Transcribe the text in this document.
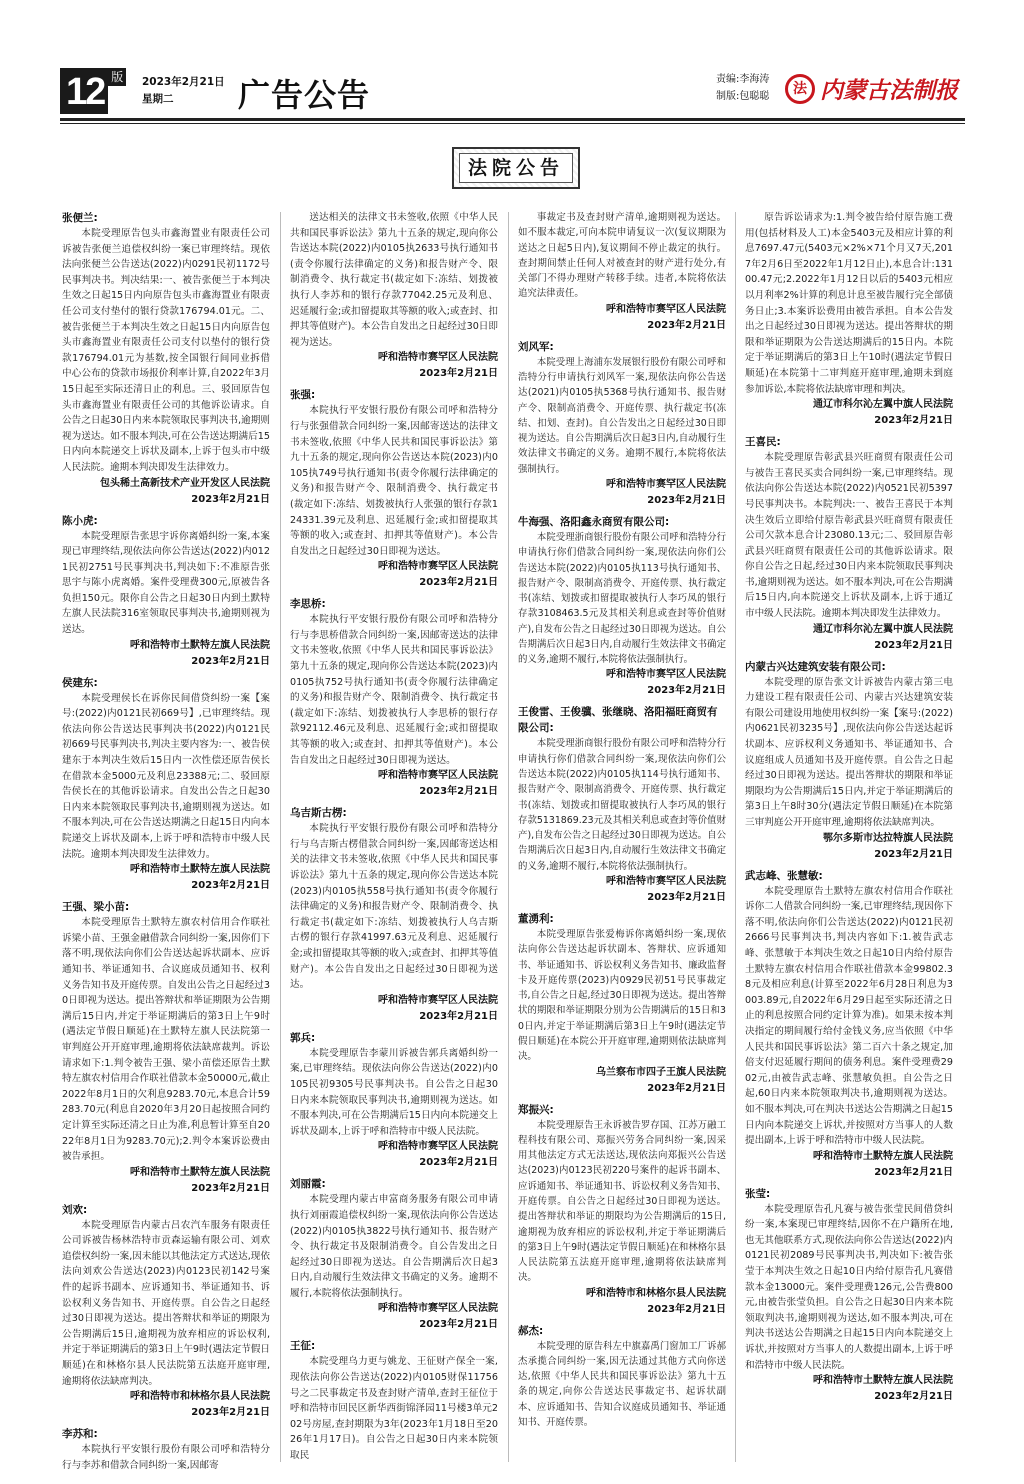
12 版 2023年2月21日
星期二	广告公告	责编:李海涛
制版:包聪聪	法 内蒙古法制报
法院公告
张便兰:
本院受理原告包头市鑫海置业有限责任公司诉被告张便兰追偿权纠纷一案已审理终结。现依法向张便兰公告送达(2022)内0291民初1172号民事判决书。判决结果:一、被告张便兰于本判决生效之日起15日内向原告包头市鑫海置业有限责任公司支付垫付的银行贷款176794.01元。二、被告张便兰于本判决生效之日起15日内向原告包头市鑫海置业有限责任公司支付以垫付的银行贷款176794.01元为基数,按全国银行间同业拆借中心公布的贷款市场报价利率计算,自2022年3月15日起至实际还清日止的利息。三、驳回原告包头市鑫海置业有限责任公司的其他诉讼请求。自公告之日起30日内来本院领取民事判决书,逾期则视为送达。如不服本判决,可在公告送达期满后15日内向本院递交上诉状及副本,上诉于包头市中级人民法院。逾期本判决即发生法律效力。
包头稀土高新技术产业开发区人民法院
2023年2月21日
陈小虎:
本院受理原告张思宇诉你离婚纠纷一案,本案现已审理终结,现依法向你公告送达(2022)内0121民初2751号民事判决书,判决如下:不准原告张思宇与陈小虎离婚。案件受理费300元,原被告各负担150元。限你自公告之日起30日内到土默特左旗人民法院316室领取民事判决书,逾期则视为送达。
呼和浩特市土默特左旗人民法院
2023年2月21日
侯建东:
本院受理侯长在诉你民间借贷纠纷一案【案号:(2022)内0121民初669号】,已审理终结。现依法向你公告送达民事判决书(2022)内0121民初669号民事判决书,判决主要内容为:一、被告侯建东于本判决生效后15日内一次性偿还原告侯长在借款本金5000元及利息23388元;二、驳回原告侯长在的其他诉讼请求。自发出公告之日起30日内来本院领取民事判决书,逾期则视为送达。如不服本判决,可在公告送达期满之日起15日内向本院递交上诉状及副本,上诉于呼和浩特市中级人民法院。逾期本判决即发生法律效力。
呼和浩特市土默特左旗人民法院
2023年2月21日
王强、梁小苗:
本院受理原告土默特左旗农村信用合作联社诉梁小苗、王强金融借款合同纠纷一案,因你们下落不明,现依法向你们公告送达起诉状副本、应诉通知书、举证通知书、合议庭成员通知书、权利义务告知书及开庭传票。自发出公告之日起经过30日即视为送达。提出答辩状和举证期限为公告期满后15日内,并定于举证期满后的第3日上午9时(遇法定节假日顺延)在土默特左旗人民法院第一审判庭公开开庭审理,逾期将依法缺席裁判。诉讼请求如下:1.判令被告王强、梁小苗偿还原告土默特左旗农村信用合作联社借款本金50000元,截止2022年8月1日的欠利息9283.70元,本息合计59283.70元(利息自2020年3月20日起按照合同约定计算至实际还清之日止为准,利息暂计算至自2022年8月1日为9283.70元);2.判令本案诉讼费由被告承担。
呼和浩特市土默特左旗人民法院
2023年2月21日
刘欢:
本院受理原告内蒙古吕农汽车服务有限责任公司诉被告杨林浩特市贡森运输有限公司、刘欢追偿权纠纷一案,因未能以其他法定方式送达,现依法向刘欢公告送达(2023)内0123民初142号案件的起诉书副本、应诉通知书、举证通知书、诉讼权利义务告知书、开庭传票。自公告之日起经过30日即视为送达。提出答辩状和举证的期限为公告期满后15日,逾期视为放弃相应的诉讼权利,并定于举证期满后的第3日上午9时(遇法定节假日顺延)在和林格尔县人民法院第五法庭开庭审理,逾期将依法缺席判决。
呼和浩特市和林格尔县人民法院
2023年2月21日
李苏和:
本院执行平安银行股份有限公司呼和浩特分行与李苏和借款合同纠纷一案,因邮寄
送达相关的法律文书未签收,依照《中华人民共和国民事诉讼法》第九十五条的规定,现向你公告送达本院(2022)内0105执2633号执行通知书(责令你履行法律确定的义务)和报告财产令、限制消费令、执行裁定书(裁定如下:冻结、划拨被执行人李苏和的银行存款77042.25元及利息、迟延履行金;或扣留提取其等额的收入;或查封、扣押其等值财产)。本公告自发出之日起经过30日即视为送达。
呼和浩特市赛罕区人民法院
2023年2月21日
张强:
本院执行平安银行股份有限公司呼和浩特分行与张强借款合同纠纷一案,因邮寄送达的法律文书未签收,依照《中华人民共和国民事诉讼法》第九十五条的规定,现向你公告送达本院(2023)内0105执749号执行通知书(责令你履行法律确定的义务)和报告财产令、限制消费令、执行裁定书(裁定如下:冻结、划拨被执行人张强的银行存款124331.39元及利息、迟延履行金;或扣留提取其等额的收入;或查封、扣押其等值财产)。本公告自发出之日起经过30日即视为送达。
呼和浩特市赛罕区人民法院
2023年2月21日
李思桥:
本院执行平安银行股份有限公司呼和浩特分行与李思桥借款合同纠纷一案,因邮寄送达的法律文书未签收,依照《中华人民共和国民事诉讼法》第九十五条的规定,现向你公告送达本院(2023)内0105执752号执行通知书(责令你履行法律确定的义务)和报告财产令、限制消费令、执行裁定书(裁定如下:冻结、划拨被执行人李思桥的银行存款92112.46元及利息、迟延履行金;或扣留提取其等额的收入;或查封、扣押其等值财产)。本公告自发出之日起经过30日即视为送达。
呼和浩特市赛罕区人民法院
2023年2月21日
乌吉斯古楞:
本院执行平安银行股份有限公司呼和浩特分行与乌吉斯古楞借款合同纠纷一案,因邮寄送达相关的法律文书未签收,依照《中华人民共和国民事诉讼法》第九十五条的规定,现向你公告送达本院(2023)内0105执558号执行通知书(责令你履行法律确定的义务)和报告财产令、限制消费令、执行裁定书(裁定如下:冻结、划拨被执行人乌吉斯古楞的银行存款41997.63元及利息、迟延履行金;或扣留提取其等额的收入;或查封、扣押其等值财产)。本公告自发出之日起经过30日即视为送达。
呼和浩特市赛罕区人民法院
2023年2月21日
郭兵:
本院受理原告李蒙川诉被告郭兵离婚纠纷一案,已审理终结。现依法向你公告送达(2022)内0105民初9305号民事判决书。自公告之日起30日内来本院领取民事判决书,逾期则视为送达。如不服本判决,可在公告期满后15日内向本院递交上诉状及副本,上诉于呼和浩特市中级人民法院。
呼和浩特市赛罕区人民法院
2023年2月21日
刘丽霞:
本院受理内蒙古申富商务服务有限公司申请执行刘丽霞追偿权纠纷一案,现依法向你公告送达(2022)内0105执3822号执行通知书、报告财产令、执行裁定书及限制消费令。自公告发出之日起经过30日即视为送达。自公告期满后次日起3日内,自动履行生效法律文书确定的义务。逾期不履行,本院将依法强制执行。
呼和浩特市赛罕区人民法院
2023年2月21日
王征:
本院受理乌力更与姚龙、王征财产保全一案,现依法向你公告送达(2022)内0105财保11756号之二民事裁定书及查封财产清单,查封王征位于呼和浩特市回民区新华西街锦泽园11号楼3单元202号房屋,查封期限为3年(2023年1月18日至2026年1月17日)。自公告之日起30日内来本院领取民
事裁定书及查封财产清单,逾期则视为送达。如不服本裁定,可向本院申请复议一次(复议期限为送达之日起5日内),复议期间不停止裁定的执行。查封期间禁止任何人对被查封的财产进行处分,有关部门不得办理财产转移手续。违者,本院将依法追究法律责任。
呼和浩特市赛罕区人民法院
2023年2月21日
刘风军:
本院受理上海浦东发展银行股份有限公司呼和浩特分行申请执行刘风军一案,现依法向你公告送达(2021)内0105执5368号执行通知书、报告财产令、限制高消费令、开庭传票、执行裁定书(冻结、扣划、查封)。自公告发出之日起经过30日即视为送达。自公告期满后次日起3日内,自动履行生效法律文书确定的义务。逾期不履行,本院将依法强制执行。
呼和浩特市赛罕区人民法院
2023年2月21日
牛海强、洛阳鑫永商贸有限公司:
本院受理浙商银行股份有限公司呼和浩特分行申请执行你们借款合同纠纷一案,现依法向你们公告送达本院(2022)内0105执113号执行通知书、报告财产令、限制高消费令、开庭传票、执行裁定书(冻结、划拨或扣留提取被执行人李巧凤的银行存款3108463.5元及其相关利息或查封等价值财产),自发布公告之日起经过30日即视为送达。自公告期满后次日起3日内,自动履行生效法律文书确定的义务,逾期不履行,本院将依法强制执行。
呼和浩特市赛罕区人民法院
2023年2月21日
王俊雷、王俊骥、张继晓、洛阳福旺商贸有限公司:
本院受理浙商银行股份有限公司呼和浩特分行申请执行你们借款合同纠纷一案,现依法向你们公告送达本院(2022)内0105执114号执行通知书、报告财产令、限制高消费令、开庭传票、执行裁定书(冻结、划拨或扣留提取被执行人李巧凤的银行存款5131869.23元及其相关利息或查封等价值财产),自发布公告之日起经过30日即视为送达。自公告期满后次日起3日内,自动履行生效法律文书确定的义务,逾期不履行,本院将依法强制执行。
呼和浩特市赛罕区人民法院
2023年2月21日
董湧利:
本院受理原告张爱梅诉你离婚纠纷一案,现依法向你公告送达起诉状副本、答辩状、应诉通知书、举证通知书、诉讼权利义务告知书、廉政监督卡及开庭传票(2023)内0929民初51号民事裁定书,自公告之日起,经过30日即视为送达。提出答辩状的期限和举证期限分别为公告期满后的15日和30日内,并定于举证期满后第3日上午9时(遇法定节假日顺延)在本院公开开庭审理,逾期则依法缺席判决。
乌兰察布市四子王旗人民法院
2023年2月21日
郑振兴:
本院受理原告王永诉被告罗存国、江苏万融工程科技有限公司、郑振兴劳务合同纠纷一案,因采用其他法定方式无法送达,现依法向郑振兴公告送达(2023)内0123民初220号案件的起诉书副本、应诉通知书、举证通知书、诉讼权利义务告知书、开庭传票。自公告之日起经过30日即视为送达。提出答辩状和举证的期限均为公告期满后的15日,逾期视为放弃相应的诉讼权利,并定于举证期满后的第3日上午9时(遇法定节假日顺延)在和林格尔县人民法院第五法庭开庭审理,逾期将依法缺席判决。
呼和浩特市和林格尔县人民法院
2023年2月21日
郝杰:
本院受理的原告科左中旗嘉禹门窗加工厂诉郝杰承揽合同纠纷一案,因无法通过其他方式向你送达,依照《中华人民共和国民事诉讼法》第九十五条的规定,向你公告送达民事裁定书、起诉状副本、应诉通知书、告知合议庭成员通知书、举证通知书、开庭传票。
原告诉讼请求为:1.判令被告给付原告施工费用(包括材料及人工)本金5403元及相应计算的利息7697.47元(5403元×2%×71个月又7天,2017年2月6日至2022年1月12日止),本息合计:13100.47元;2.2022年1月12日以后的5403元相应以月利率2%计算的利息计息至被告履行完全部债务日止;3.本案诉讼费用由被告承担。自本公告发出之日起经过30日即视为送达。提出答辩状的期限和举证期限为公告送达期满后的15日内。本院定于举证期满后的第3日上午10时(遇法定节假日顺延)在本院第十二审判庭开庭审理,逾期未到庭参加诉讼,本院将依法缺席审理和判决。
通辽市科尔沁左翼中旗人民法院
2023年2月21日
王喜民:
本院受理原告彰武县兴旺商贸有限责任公司与被告王喜民买卖合同纠纷一案,已审理终结。现依法向你公告送达本院(2022)内0521民初5397号民事判决书。本院判决:一、被告王喜民于本判决生效后立即给付原告彰武县兴旺商贸有限责任公司欠款本息合计23080.13元;二、驳回原告彰武县兴旺商贸有限责任公司的其他诉讼请求。限你自公告之日起,经过30日内来本院领取民事判决书,逾期则视为送达。如不服本判决,可在公告期满后15日内,向本院递交上诉状及副本,上诉于通辽市中级人民法院。逾期本判决即发生法律效力。
通辽市科尔沁左翼中旗人民法院
2023年2月21日
内蒙古兴达建筑安装有限公司:
本院受理的原告张文计诉被告内蒙古第三电力建设工程有限责任公司、内蒙古兴达建筑安装有限公司建设用地使用权纠纷一案【案号:(2022)内0621民初3235号】,现依法向你公告送达起诉状副本、应诉权利义务通知书、举证通知书、合议庭组成人员通知书及开庭传票。自公告之日起经过30日即视为送达。提出答辩状的期限和举证期限均为公告期满后15日内,并定于举证期满后的第3日上午8时30分(遇法定节假日顺延)在本院第三审判庭公开开庭审理,逾期将依法缺席判决。
鄂尔多斯市达拉特旗人民法院
2023年2月21日
武志峰、张慧敏:
本院受理原告土默特左旗农村信用合作联社诉你二人借款合同纠纷一案,已审理终结,现因你下落不明,依法向你们公告送达(2022)内0121民初2666号民事判决书,判决内容如下:1.被告武志峰、张慧敏于本判决生效之日起10日内给付原告土默特左旗农村信用合作联社借款本金99802.38元及相应利息(计算至2022年6月28日利息为3003.89元,自2022年6月29日起至实际还清之日止的利息按照合同约定计算为准)。如果未按本判决指定的期间履行给付金钱义务,应当依照《中华人民共和国民事诉讼法》第二百六十条之规定,加倍支付迟延履行期间的债务利息。案件受理费2902元,由被告武志峰、张慧敏负担。自公告之日起,60日内来本院领取判决书,逾期则视为送达。如不服本判决,可在判决书送达公告期满之日起15日内向本院递交上诉状,并按照对方当事人的人数提出副本,上诉于呼和浩特市中级人民法院。
呼和浩特市土默特左旗人民法院
2023年2月21日
张莹:
本院受理原告孔凡赛与被告张莹民间借贷纠纷一案,本案现已审理终结,因你不在户籍所在地,也无其他联系方式,现依法向你公告送达(2022)内0121民初2089号民事判决书,判决如下:被告张莹于本判决生效之日起10日内给付原告孔凡赛借款本金13000元。案件受理费126元,公告费800元,由被告张莹负担。自公告之日起30日内来本院领取判决书,逾期则视为送达,如不服本判决,可在判决书送达公告期满之日起15日内向本院递交上诉状,并按照对方当事人的人数提出副本,上诉于呼和浩特市中级人民法院。
呼和浩特市土默特左旗人民法院
2023年2月21日
